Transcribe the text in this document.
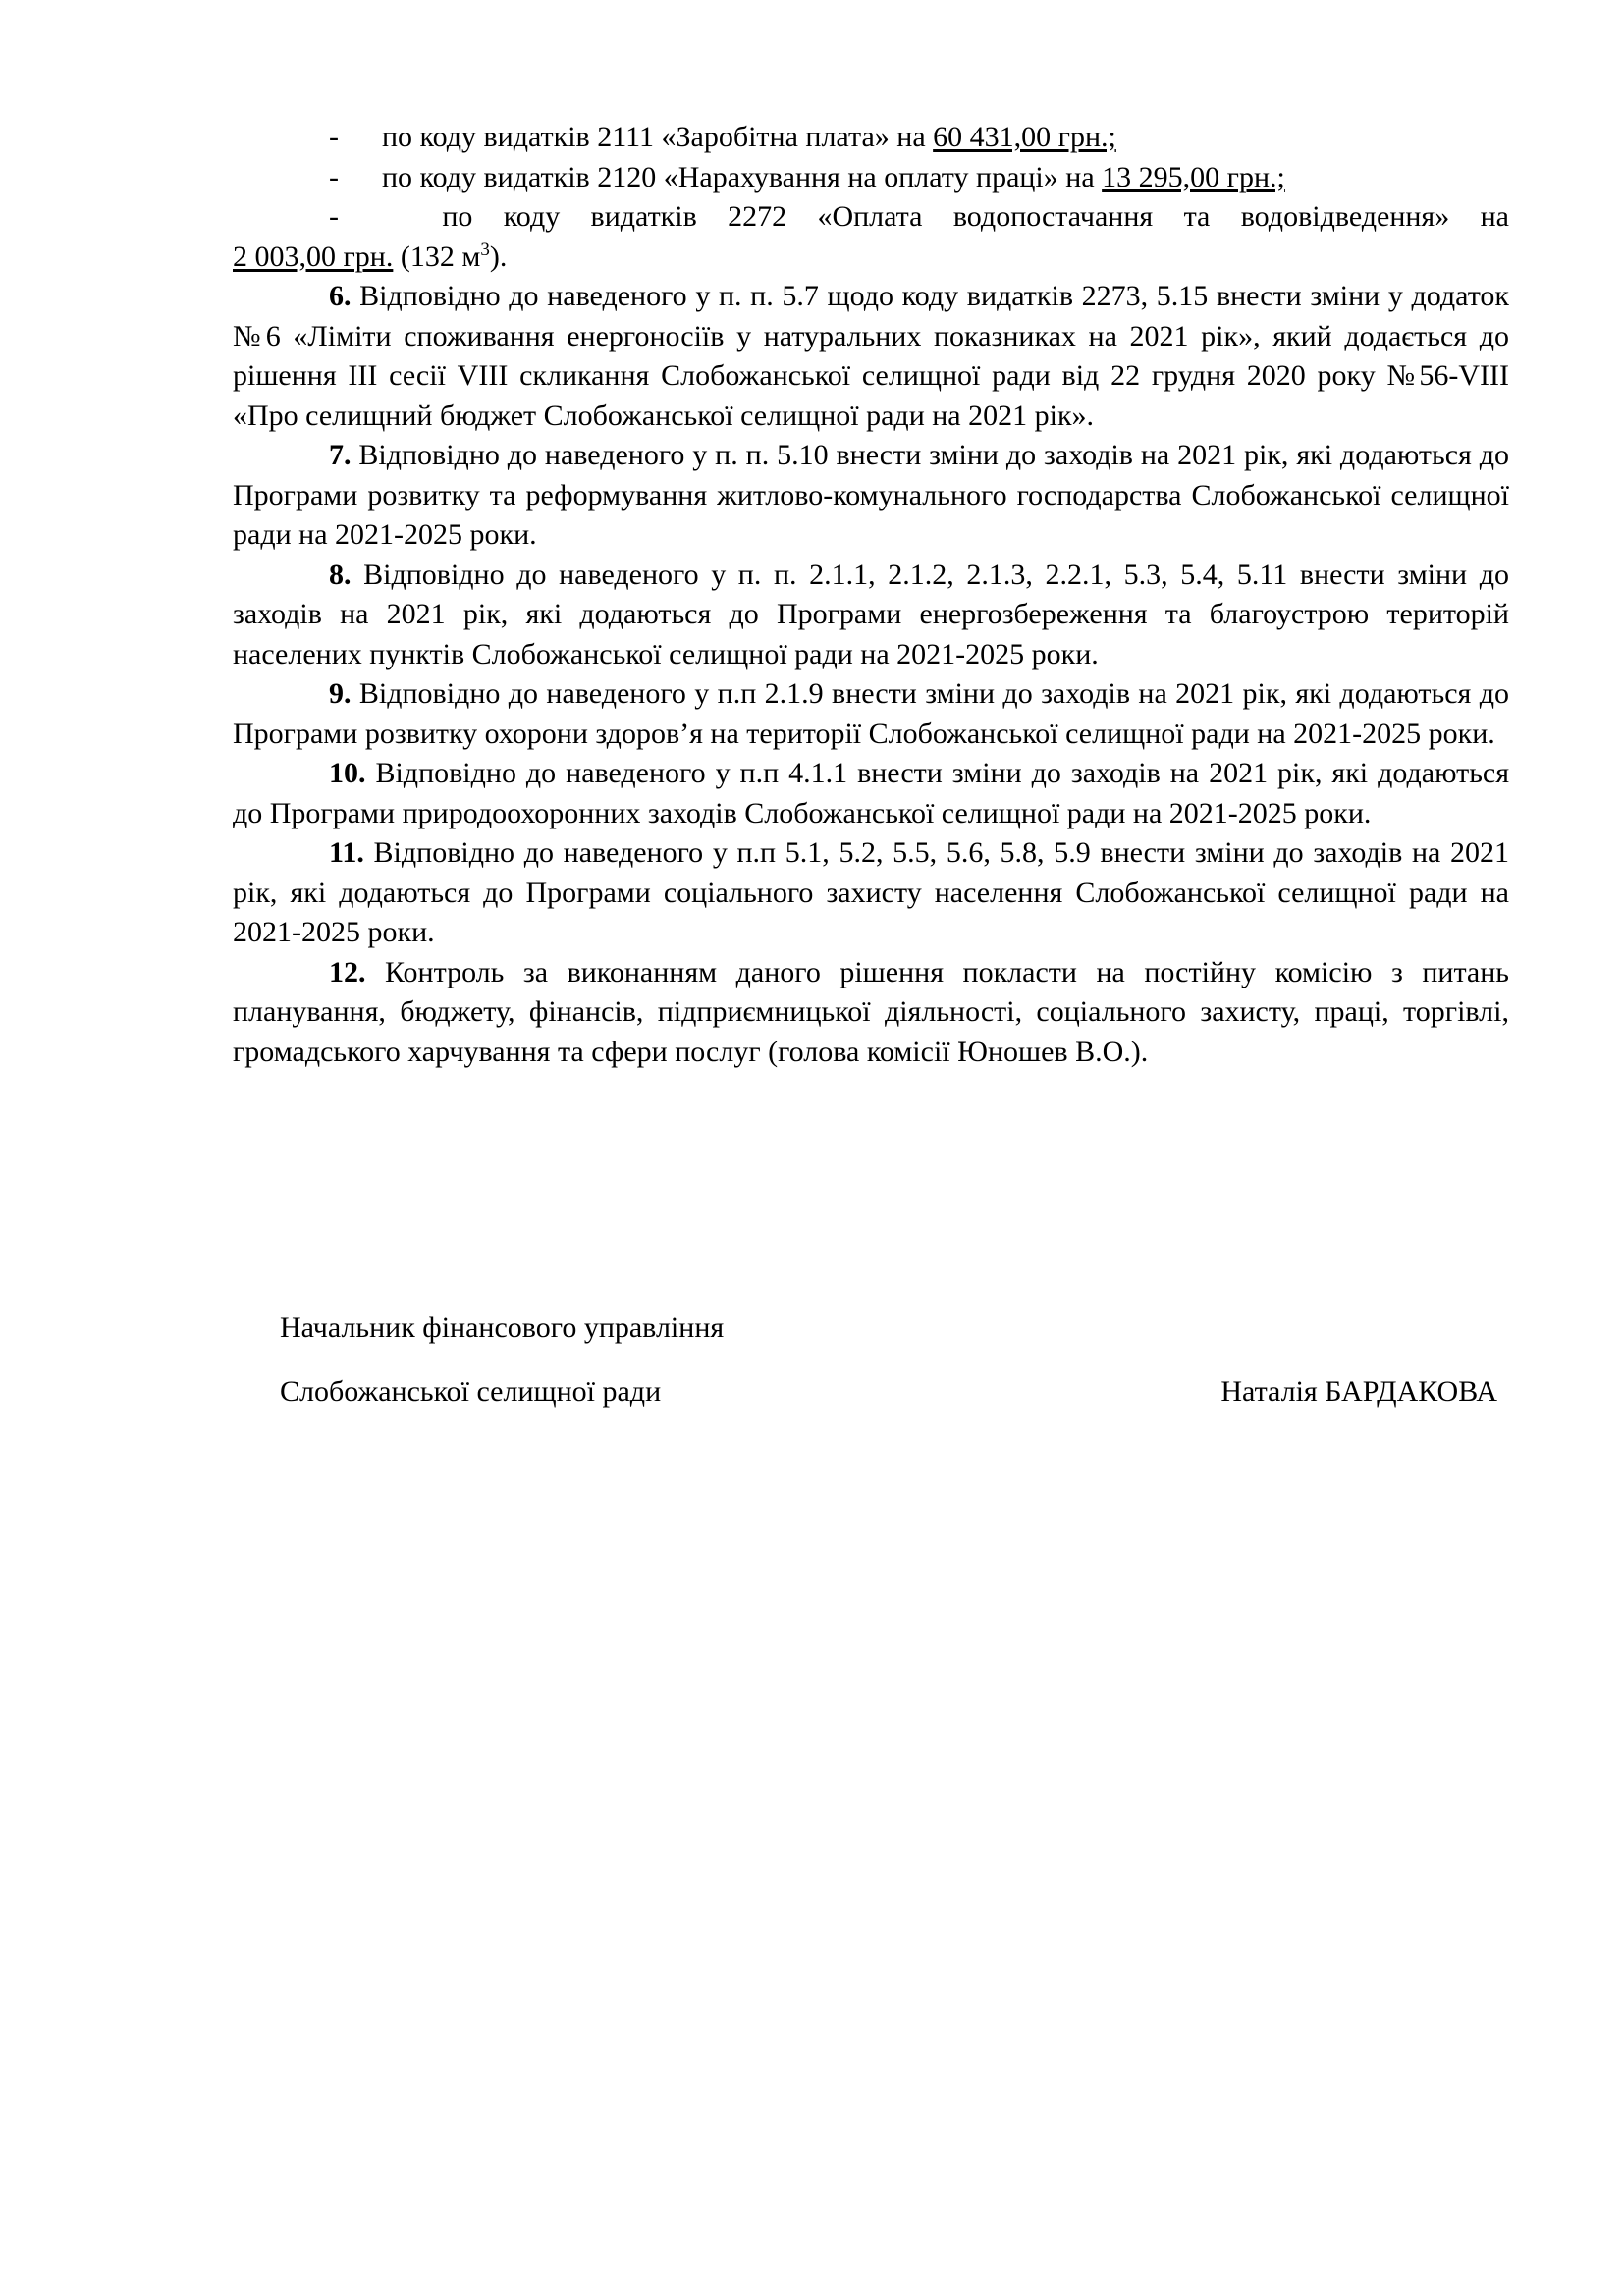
- по коду видатків 2111 «Заробітна плата» на 60 431,00 грн.;
- по коду видатків 2120 «Нарахування на оплату праці» на 13 295,00 грн.;
-	по коду видатків 2272 «Оплата водопостачання та водовідведення» на
2 003,00 грн. (132 $м^3$).

6. Відповідно до наведеного у п. п. 5.7 щодо коду видатків 2273, 5.15 внести зміни у додаток №6 «Ліміти споживання енергоносіїв у натуральних показниках на 2021 рік», який додається до рішення ІІІ сесії VІІІ скликання Слобожанської селищної ради від 22 грудня 2020 року №56-VIII «Про селищний бюджет Слобожанської селищної ради на 2021 рік».

7. Відповідно до наведеного у п. п. 5.10 внести зміни до заходів на 2021 рік, які додаються до Програми розвитку та реформування житлово-комунального господарства Слобожанської селищної ради на 2021-2025 роки.

8. Відповідно до наведеного у п. п. 2.1.1, 2.1.2, 2.1.3, 2.2.1, 5.3, 5.4, 5.11 внести зміни до заходів на 2021 рік, які додаються до Програми енергозбереження та благоустрою територій населених пунктів Слобожанської селищної ради на 2021-2025 роки.

9. Відповідно до наведеного у п.п 2.1.9 внести зміни до заходів на 2021 рік, які додаються до Програми розвитку охорони здоров’я на території Слобожанської селищної ради на 2021-2025 роки.

10. Відповідно до наведеного у п.п 4.1.1 внести зміни до заходів на 2021 рік, які додаються до Програми природоохоронних заходів Слобожанської селищної ради на 2021-2025 роки.

11. Відповідно до наведеного у п.п 5.1, 5.2, 5.5, 5.6, 5.8, 5.9 внести зміни до заходів на 2021 рік, які додаються до Програми соціального захисту населення Слобожанської селищної ради на 2021-2025 роки.

12. Контроль за виконанням даного рішення покласти на постійну комісію з питань планування, бюджету, фінансів, підприємницької діяльності, соціального захисту, праці, торгівлі, громадського харчування та сфери послуг (голова комісії Юношев В.О.).

Начальник фінансового управління
Слобожанської селищної ради	Наталія БАРДАКОВА
